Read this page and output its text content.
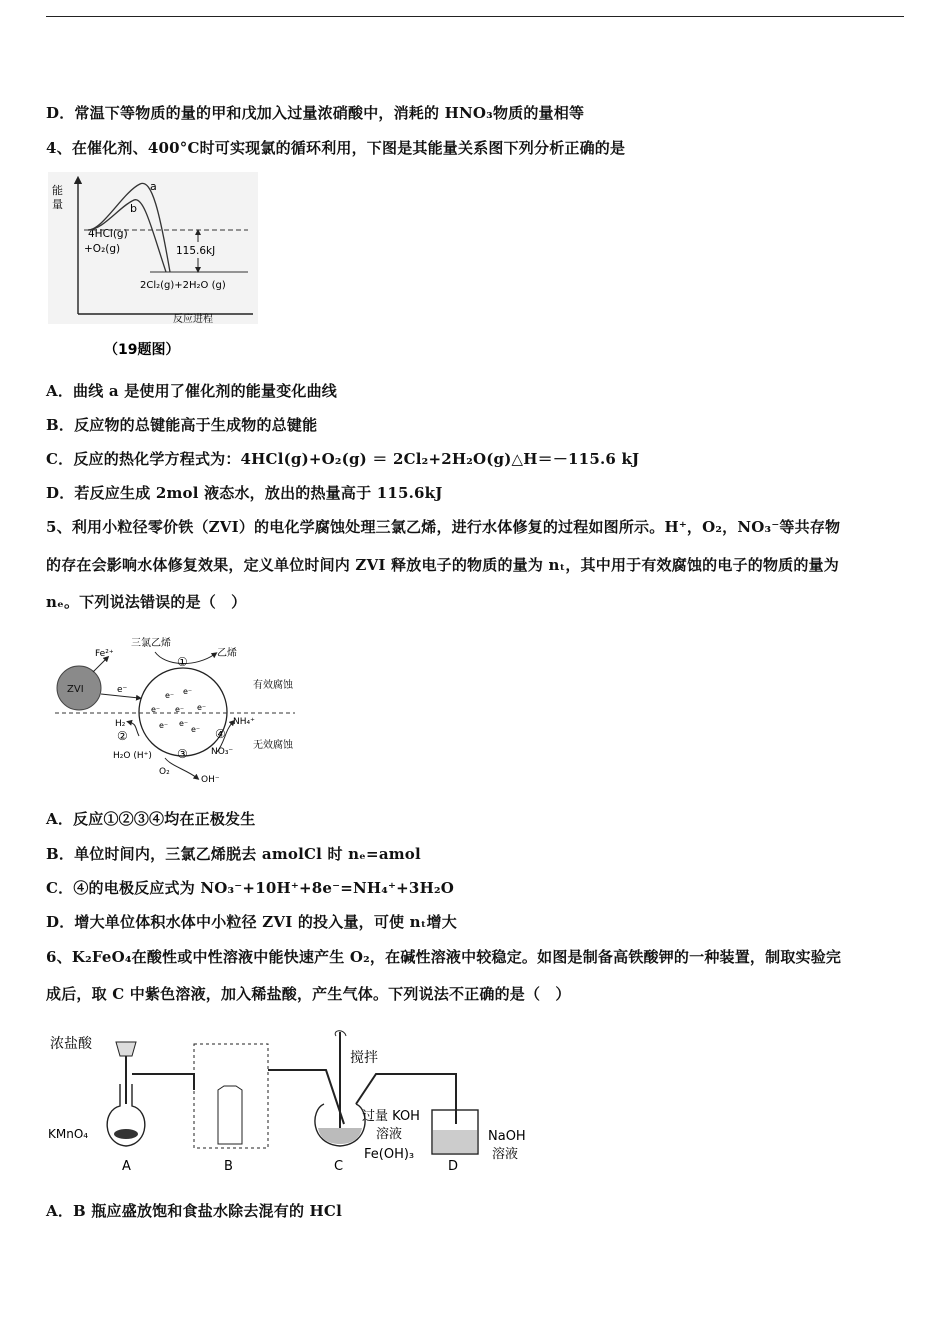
D．常温下等物质的量的甲和戊加入过量浓硝酸中，消耗的 HNO₃物质的量相等
4、在催化剂、400°C时可实现氯的循环利用，下图是其能量关系图下列分析正确的是
能
量
4HCl(g)
+O₂(g)
a
b
115.6kJ
2Cl₂(g)+2H₂O (g)
反应进程
（19题图）
A．曲线 a 是使用了催化剂的能量变化曲线
B．反应物的总键能高于生成物的总键能
C．反应的热化学方程式为：4HCl(g)+O₂(g) ＝ 2Cl₂+2H₂O(g)△H＝－115.6 kJ
D．若反应生成 2mol 液态水，放出的热量高于 115.6kJ
5、利用小粒径零价铁（ZVI）的电化学腐蚀处理三氯乙烯，进行水体修复的过程如图所示。H⁺，O₂，NO₃⁻等共存物
的存在会影响水体修复效果，定义单位时间内 ZVI 释放电子的物质的量为 nₜ，其中用于有效腐蚀的电子的物质的量为
nₑ。下列说法错误的是（　）
ZVI
Fe²⁺
e⁻
e⁻ e⁻
e⁻ e⁻ e⁻
e⁻ e⁻
e⁻
三氯乙烯
乙烯
①
有效腐蚀
无效腐蚀
H₂
②
H₂O (H⁺) ③
O₂
OH⁻
NH₄⁺
④
NO₃⁻
A．反应①②③④均在正极发生
B．单位时间内，三氯乙烯脱去 amolCl 时 nₑ=amol
C．④的电极反应式为 NO₃⁻+10H⁺+8e⁻=NH₄⁺+3H₂O
D．增大单位体积水体中小粒径 ZVI 的投入量，可使 nₜ增大
6、K₂FeO₄在酸性或中性溶液中能快速产生 O₂，在碱性溶液中较稳定。如图是制备高铁酸钾的一种装置，制取实验完
成后，取 C 中紫色溶液，加入稀盐酸，产生气体。下列说法不正确的是（　）
浓盐酸
KMnO₄
搅拌
过量 KOH
溶液
Fe(OH)₃
NaOH
溶液
A	B	C	D
A．B 瓶应盛放饱和食盐水除去混有的 HCl
